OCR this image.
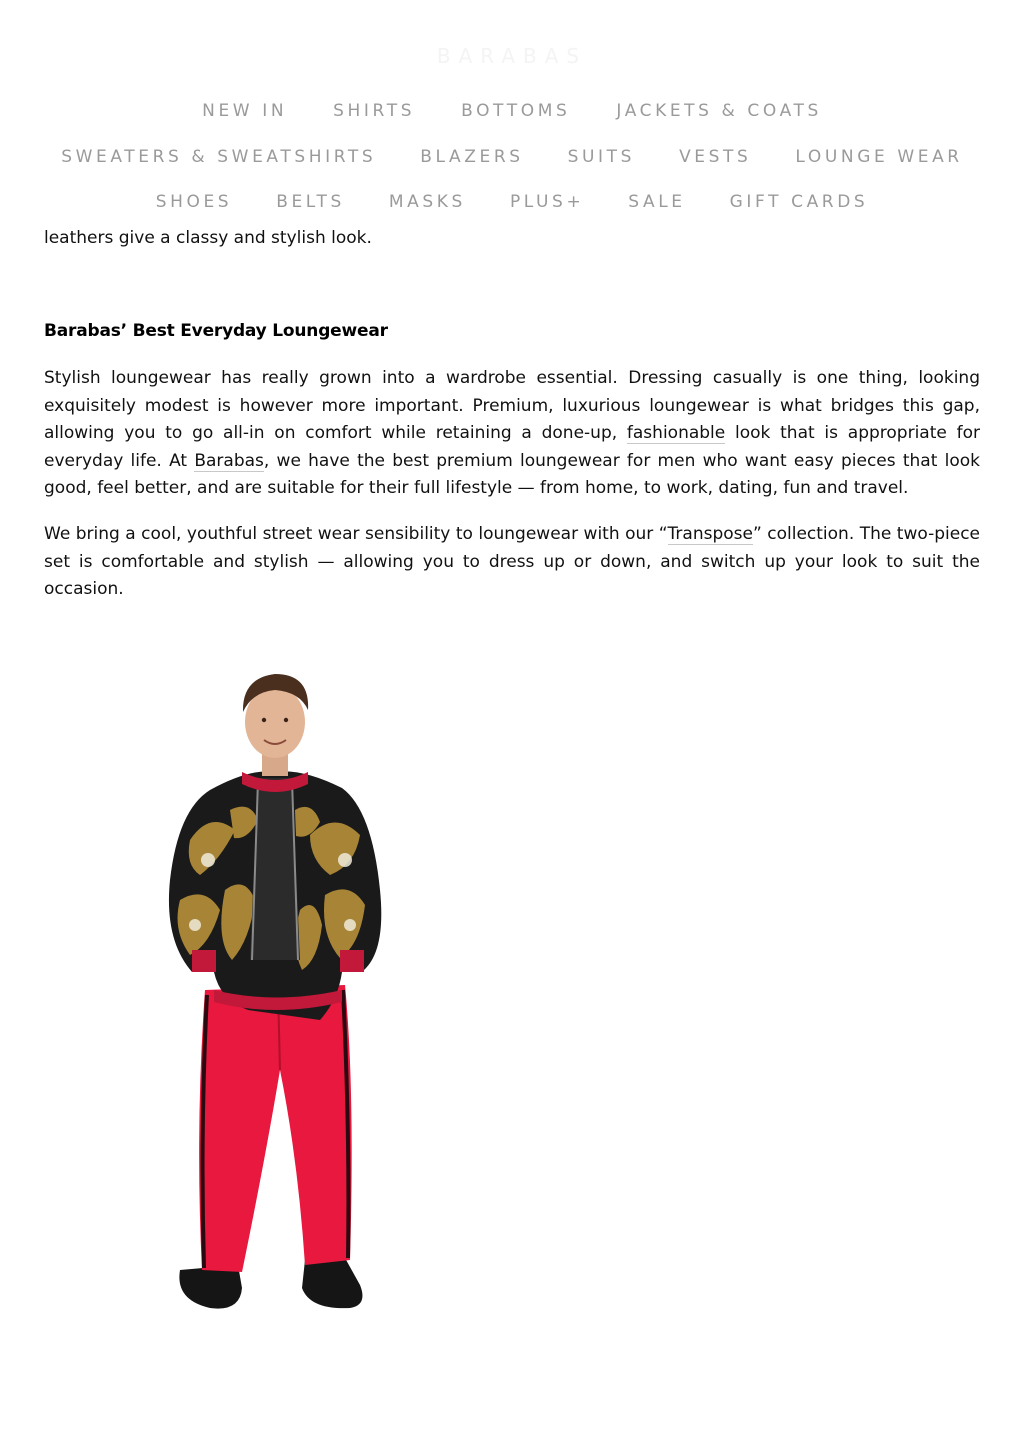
leathers give a classy and stylish look.
Barabas’ Best Everyday Loungewear

Stylish loungewear has really grown into a wardrobe essential. Dressing casually is one thing, looking exquisitely modest is however more important. Premium, luxurious loungewear is what bridges this gap, allowing you to go all-in on comfort while retaining a done-up, fashionable look that is appropriate for everyday life. At Barabas, we have the best premium loungewear for men who want easy pieces that look good, feel better, and are suitable for their full lifestyle — from home, to work, dating, fun and travel.

We bring a cool, youthful street wear sensibility to loungewear with our “Transpose” collection. The two-piece set is comfortable and stylish — allowing you to dress up or down, and switch up your look to suit the occasion.

BARABAS
NEW IN	SHIRTS	BOTTOMS	JACKETS & COATS
SWEATERS & SWEATSHIRTS	BLAZERS	SUITS	VESTS	LOUNGE WEAR
SHOES	BELTS	MASKS	PLUS+	SALE	GIFT CARDS
